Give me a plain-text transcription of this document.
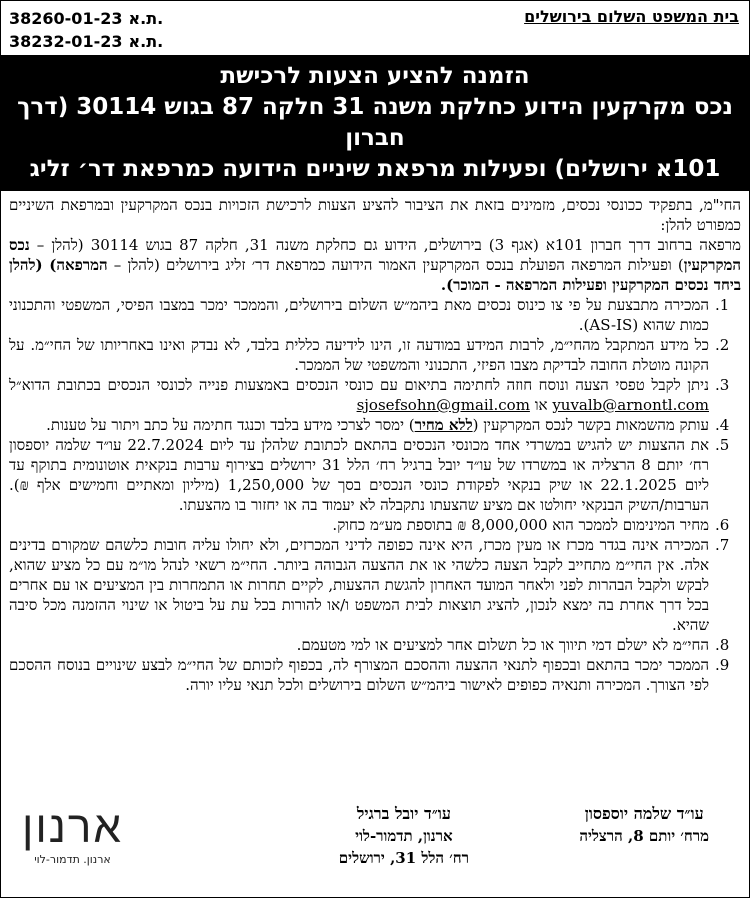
בית המשפט השלום בירושלים
38260-01-23 ת.א.
38232-01-23 ת.א.
הזמנה להציע הצעות לרכישת
נכס מקרקעין הידוע כחלקת משנה 31 חלקה 87 בגוש 30114 (דרך חברון
101א ירושלים) ופעילות מרפאת שיניים הידועה כמרפאת דר׳ זליג

החי"מ, בתפקיד ככונסי נכסים, מזמינים בזאת את הציבור להציע הצעות לרכישת הזכויות בנכס המקרקעין ובמרפאת השיניים כמפורט להלן:
מרפאה ברחוב דרך חברון 101א (אגף 3) בירושלים, הידוע גם כחלקת משנה 31, חלקה 87 בגוש 30114 (להלן – נכס המקרקעין) ופעילות המרפאה הפועלת בנכס המקרקעין האמור הידועה כמרפאת דר׳ זליג בירושלים (להלן – המרפאה) (להלן ביחד נכסים המקרקעין ופעילות המרפאה - המוכר).

1.
המכירה מתבצעת על פי צו כינוס נכסים מאת ביהמ״ש השלום בירושלים, והממכר ימכר במצבו הפיסי, המשפטי והתכנוני כמות שהוא (AS-IS).
2.
כל מידע המתקבל מהחי״מ, לרבות המידע במודעה זו, הינו לידיעה כללית בלבד, לא נבדק ואינו באחריותו של החי״מ. על הקונה מוטלת החובה לבדיקת מצבו הפיזי, התכנוני והמשפטי של הממכר.
3.
ניתן לקבל טפסי הצעה ונוסח חוזה לחתימה בתיאום עם כונסי הנכסים באמצעות פנייה לכונסי הנכסים בכתובת הדוא״ל yuvalb@arnontl.com או sjosefsohn@gmail.com
4.
עותק מהשמאות בקשר לנכס המקרקעין (ללא מחיר) ימסר לצרכי מידע בלבד וכנגד חתימה על כתב ויתור על טענות.
5.
את ההצעות יש להגיש במשרדי אחד מכונסי הנכסים בהתאם לכתובת שלהלן עד ליום 22.7.2024 עו״ד שלמה יוספסון רח׳ יותם 8 הרצליה או במשרדו של עו״ד יובל ברגיל רח׳ הלל 31 ירושלים בצירוף ערבות בנקאית אוטונומית בתוקף עד ליום 22.1.2025 או שיק בנקאי לפקודת כונסי הנכסים בסך של 1,250,000 (מיליון ומאתיים וחמישים אלף ₪). הערבות/השיק הבנקאי יחולטו אם מציע שהצעתו נתקבלה לא יעמוד בה או יחזור בו מהצעתו.
6.
מחיר המינימום לממכר הוא 8,000,000 ₪ בתוספת מע״מ כחוק.
7.
המכירה אינה בגדר מכרז או מעין מכרז, היא אינה כפופה לדיני המכרזים, ולא יחולו עליה חובות כלשהם שמקורם בדינים אלה. אין החי״מ מתחייב לקבל הצעה כלשהי או את ההצעה הגבוהה ביותר. החי״מ רשאי לנהל מו״מ עם כל מציע שהוא, לבקש ולקבל הבהרות לפני ולאחר המועד האחרון להגשת ההצעות, לקיים תחרות או התמחרות בין המציעים או עם אחרים בכל דרך אחרת בה ימצא לנכון, להציג תוצאות לבית המשפט ו/או להורות בכל עת על ביטול או שינוי ההזמנה מכל סיבה שהיא.
8.
החי״מ לא ישלם דמי תיווך או כל תשלום אחר למציעים או למי מטעמם.
9.
הממכר ימכר בהתאם ובכפוף לתנאי ההצעה וההסכם המצורף לה, בכפוף לזכותם של החי״מ לבצע שינויים בנוסח ההסכם לפי הצורך. המכירה ותנאיה כפופים לאישור ביהמ״ש השלום בירושלים ולכל תנאי עליו יורה.
עו״ד שלמה יוספסון
מרח׳ יותם 8, הרצליה
עו״ד יובל ברגיל
ארנון, תדמור-לוי
רח׳ הלל 31, ירושלים
ארנון
ארנון. תדמור-לוי
